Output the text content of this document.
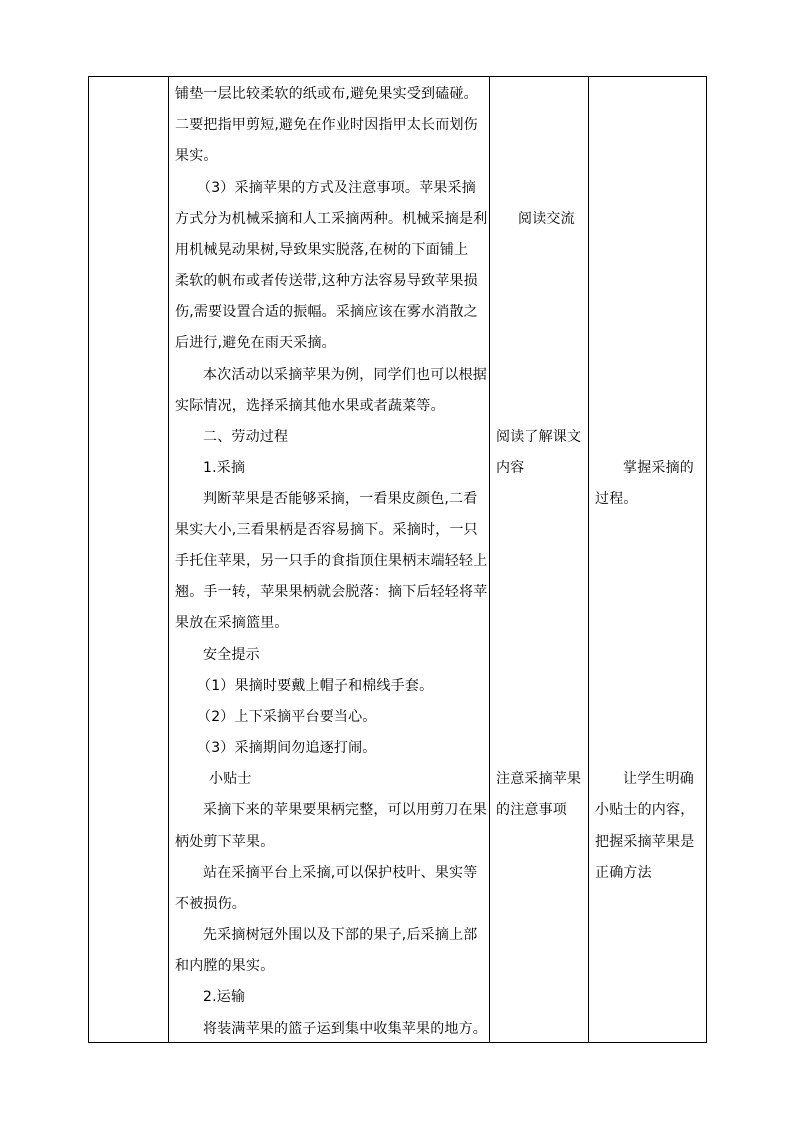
铺垫一层比较柔软的纸或布,避免果实受到磕碰。
二要把指甲剪短,避免在作业时因指甲太长而划伤
果实。
（3）采摘苹果的方式及注意事项。苹果采摘
方式分为机械采摘和人工采摘两种。机械采摘是利
用机械晃动果树,导致果实脱落,在树的下面铺上
柔软的帆布或者传送带,这种方法容易导致苹果损
伤,需要设置合适的振幅。采摘应该在雾水消散之
后进行,避免在雨天采摘。
本次活动以采摘苹果为例，同学们也可以根据
实际情况，选择采摘其他水果或者蔬菜等。
二、劳动过程
1.采摘
判断苹果是否能够采摘，一看果皮颜色,二看
果实大小,三看果柄是否容易摘下。采摘时，一只
手托住苹果，另一只手的食指顶住果柄末端轻轻上
翘。手一转，苹果果柄就会脱落：摘下后轻轻将苹
果放在采摘篮里。
安全提示
（1）果摘时要戴上帽子和棉线手套。
（2）上下采摘平台要当心。
（3）采摘期间勿追逐打闹。
小贴士
采摘下来的苹果要果柄完整，可以用剪刀在果
柄处剪下苹果。
站在采摘平台上采摘,可以保护枝叶、果实等
不被损伤。
先采摘树冠外围以及下部的果子,后采摘上部
和内膛的果实。
2.运输
将装满苹果的篮子运到集中收集苹果的地方。
阅读交流
阅读了解课文
内容
注意采摘苹果
的注意事项
掌握采摘的
过程。
让学生明确
小贴士的内容，
把握采摘苹果是
正确方法
